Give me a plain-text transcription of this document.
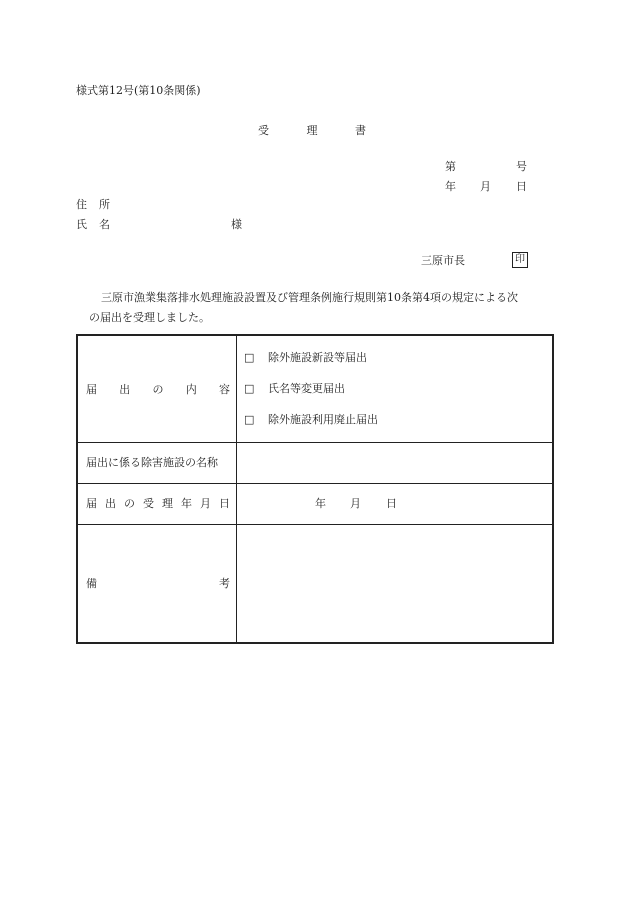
様式第12号(第10条関係)
受	理	書
第	号
年 月 日
住 所
氏 名	様
三原市長	印
三原市漁業集落排水処理施設設置及び管理条例施行規則第10条第4項の規定による次
の届出を受理しました。
届 出 の 内 容
□ 除外施設新設等届出
□ 氏名等変更届出
□ 除外施設利用廃止届出
届出に係る除害施設の名称
届 出 の 受 理 年 月 日	年 月 日
備	考
